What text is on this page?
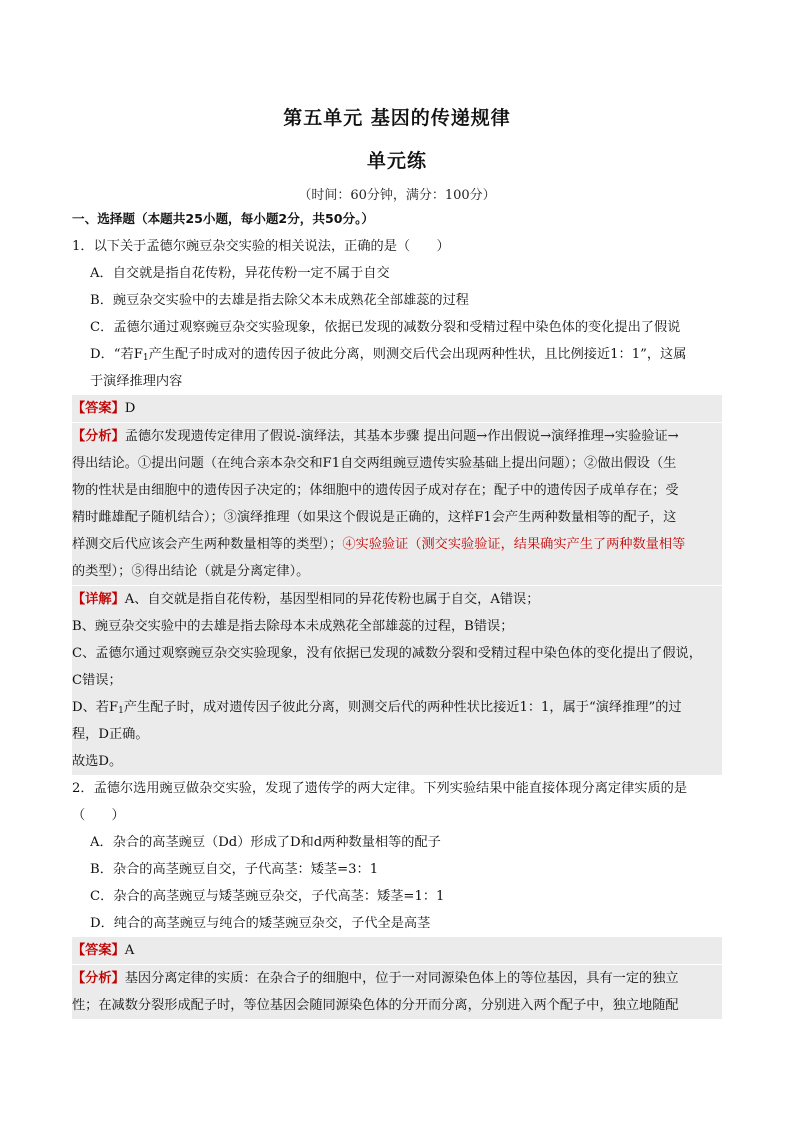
第五单元 基因的传递规律
单元练
（时间：60分钟，满分：100分）
一、选择题（本题共25小题，每小题2分，共50分。）
1．以下关于孟德尔豌豆杂交实验的相关说法，正确的是（　　）
A．自交就是指自花传粉，异花传粉一定不属于自交
B．豌豆杂交实验中的去雄是指去除父本未成熟花全部雄蕊的过程
C．孟德尔通过观察豌豆杂交实验现象，依据已发现的减数分裂和受精过程中染色体的变化提出了假说
D．“若$F_1$产生配子时成对的遗传因子彼此分离，则测交后代会出现两种性状，且比例接近1：1”，这属
于演绎推理内容
【答案】D
【分析】孟德尔发现遗传定律用了假说-演绎法，其基本步骤 提出问题→作出假说→演绎推理→实验验证→
得出结论。①提出问题（在纯合亲本杂交和F1自交两组豌豆遗传实验基础上提出问题）；②做出假设（生
物的性状是由细胞中的遗传因子决定的；体细胞中的遗传因子成对存在；配子中的遗传因子成单存在；受
精时雌雄配子随机结合）；③演绎推理（如果这个假说是正确的，这样F1会产生两种数量相等的配子，这
样测交后代应该会产生两种数量相等的类型）；④实验验证（测交实验验证，结果确实产生了两种数量相等
的类型）；⑤得出结论（就是分离定律）。
【详解】A、自交就是指自花传粉，基因型相同的异花传粉也属于自交，A错误；
B、豌豆杂交实验中的去雄是指去除母本未成熟花全部雄蕊的过程，B错误；
C、孟德尔通过观察豌豆杂交实验现象，没有依据已发现的减数分裂和受精过程中染色体的变化提出了假说，
C错误；
D、若$F_1$产生配子时，成对遗传因子彼此分离，则测交后代的两种性状比接近1：1，属于“演绎推理”的过
程，D正确。
故选D。
2．孟德尔选用豌豆做杂交实验，发现了遗传学的两大定律。下列实验结果中能直接体现分离定律实质的是
（　　）
A．杂合的高茎豌豆（Dd）形成了D和d两种数量相等的配子
B．杂合的高茎豌豆自交，子代高茎：矮茎=3：1
C．杂合的高茎豌豆与矮茎豌豆杂交，子代高茎：矮茎=1：1
D．纯合的高茎豌豆与纯合的矮茎豌豆杂交，子代全是高茎
【答案】A
【分析】基因分离定律的实质：在杂合子的细胞中，位于一对同源染色体上的等位基因，具有一定的独立
性；在减数分裂形成配子时，等位基因会随同源染色体的分开而分离，分别进入两个配子中，独立地随配
